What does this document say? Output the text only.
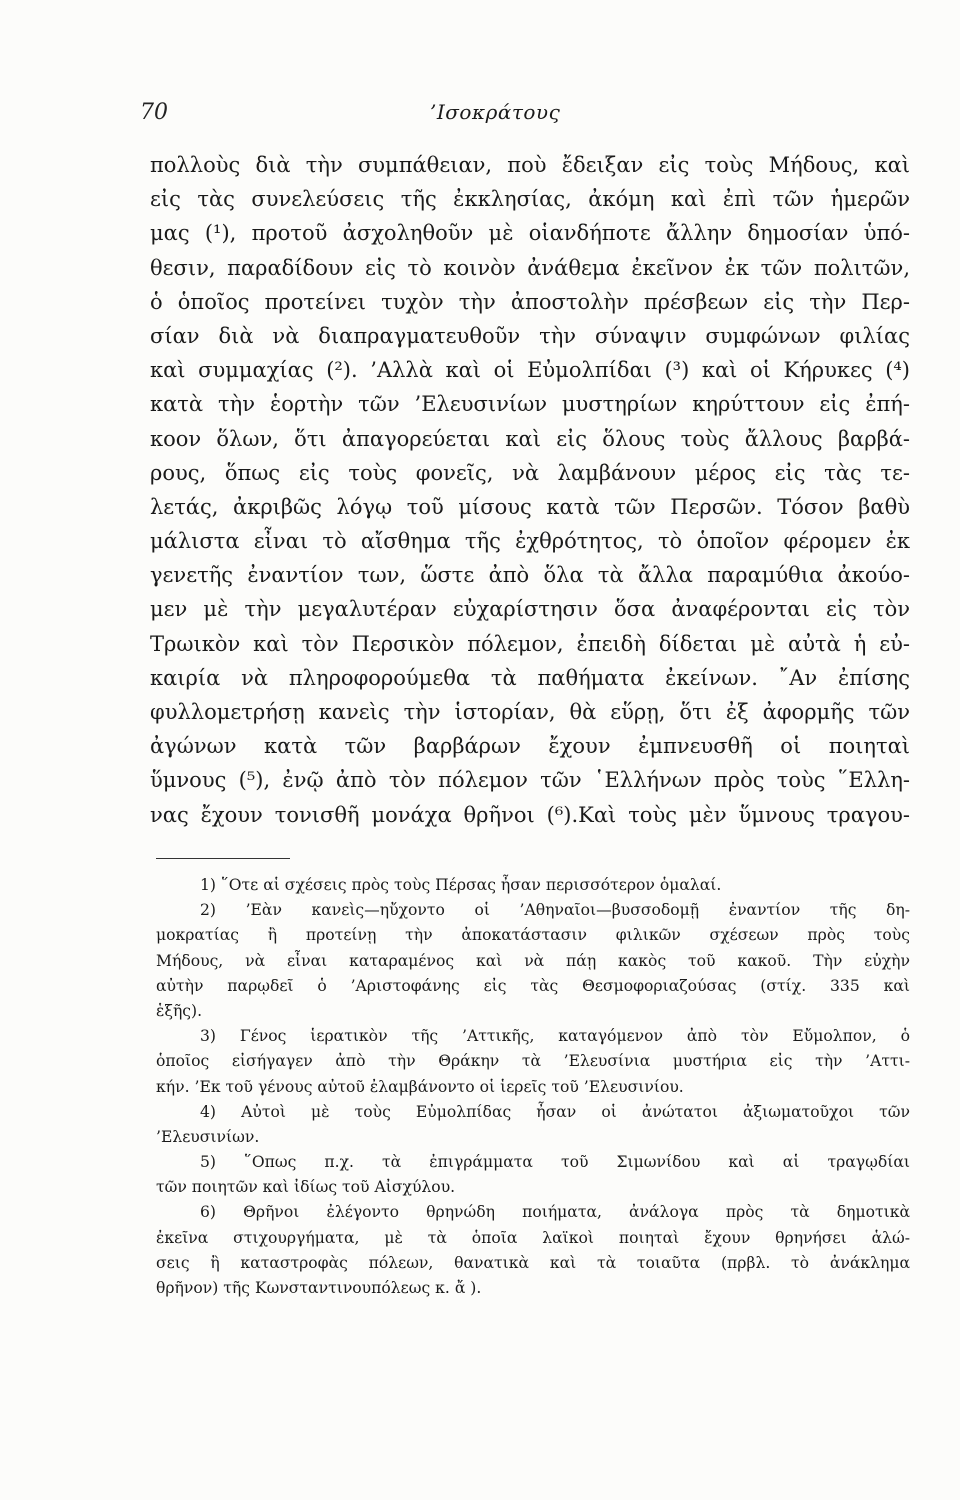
70	’Ισοκράτους
πολλοὺς διὰ τὴν συμπάθειαν, ποὺ ἔδειξαν εἰς τοὺς Μήδους, καὶ
εἰς τὰς συνελεύσεις τῆς ἐκκλησίας, ἀκόμη καὶ ἐπὶ τῶν ἡμερῶν
μας (¹), προτοῦ ἀσχοληθοῦν μὲ οἱανδήποτε ἄλλην δημοσίαν ὑπό-
θεσιν, παραδίδουν εἰς τὸ κοινὸν ἀνάθεμα ἐκεῖνον ἐκ τῶν πολιτῶν,
ὁ ὁποῖος προτείνει τυχὸν τὴν ἀποστολὴν πρέσβεων εἰς τὴν Περ-
σίαν διὰ νὰ διαπραγματευθοῦν τὴν σύναψιν συμφώνων φιλίας
καὶ συμμαχίας (²). ’Αλλὰ καὶ οἱ Εὐμολπίδαι (³) καὶ οἱ Κήρυκες (⁴)
κατὰ τὴν ἑορτὴν τῶν ’Ελευσινίων μυστηρίων κηρύττουν εἰς ἐπή-
κοον ὅλων, ὅτι ἀπαγορεύεται καὶ εἰς ὅλους τοὺς ἄλλους βαρβά-
ρους, ὅπως εἰς τοὺς φονεῖς, νὰ λαμβάνουν μέρος εἰς τὰς τε-
λετάς, ἀκριβῶς λόγῳ τοῦ μίσους κατὰ τῶν Περσῶν. Τόσον βαθὺ
μάλιστα εἶναι τὸ αἴσθημα τῆς ἐχθρότητος, τὸ ὁποῖον φέρομεν ἐκ
γενετῆς ἐναντίον των, ὥστε ἀπὸ ὅλα τὰ ἄλλα παραμύθια ἀκούο-
μεν μὲ τὴν μεγαλυτέραν εὐχαρίστησιν ὅσα ἀναφέρονται εἰς τὸν
Τρωικὸν καὶ τὸν Περσικὸν πόλεμον, ἐπειδὴ δίδεται μὲ αὐτὰ ἡ εὐ-
καιρία νὰ πληροφορούμεθα τὰ παθήματα ἐκείνων. ῎Αν ἐπίσης
φυλλομετρήσῃ κανεὶς τὴν ἱστορίαν, θὰ εὕρῃ, ὅτι ἐξ ἀφορμῆς τῶν
ἀγώνων κατὰ τῶν βαρβάρων ἔχουν ἐμπνευσθῆ οἱ ποιηταὶ
ὕμνους (⁵), ἐνῷ ἀπὸ τὸν πόλεμον τῶν ῾Ελλήνων πρὸς τοὺς ῞Ελλη-
νας ἔχουν τονισθῆ μονάχα θρῆνοι (⁶).Καὶ τοὺς μὲν ὕμνους τραγου-
1) ῞Οτε αἱ σχέσεις πρὸς τοὺς Πέρσας ἦσαν περισσότερον ὁμαλαί.
2) ’Εὰν κανεὶς—ηὔχοντο οἱ ’Αθηναῖοι—βυσσοδομῇ ἐναντίον τῆς δη-
μοκρατίας ἢ προτείνῃ τὴν ἀποκατάστασιν φιλικῶν σχέσεων πρὸς τοὺς
Μήδους, νὰ εἶναι καταραμένος καὶ νὰ πάῃ κακὸς τοῦ κακοῦ. Τὴν εὐχὴν
αὐτὴν παρῳδεῖ ὁ ’Αριστοφάνης εἰς τὰς Θεσμοφοριαζούσας (στίχ. 335 καὶ
ἑξῆς).
3) Γένος ἱερατικὸν τῆς ’Αττικῆς, καταγόμενον ἀπὸ τὸν Εὔμολπον, ὁ
ὁποῖος εἰσήγαγεν ἀπὸ τὴν Θράκην τὰ ’Ελευσίνια μυστήρια εἰς τὴν ’Αττι-
κήν. ’Εκ τοῦ γένους αὐτοῦ ἐλαμβάνοντο οἱ ἱερεῖς τοῦ ’Ελευσινίου.
4) Αὐτοὶ μὲ τοὺς Εὐμολπίδας ἦσαν οἱ ἀνώτατοι ἀξιωματοῦχοι τῶν
’Ελευσινίων.
5) ῞Οπως π.χ. τὰ ἐπιγράμματα τοῦ Σιμωνίδου καὶ αἱ τραγῳδίαι
τῶν ποιητῶν καὶ ἰδίως τοῦ Αἰσχύλου.
6) Θρῆνοι ἐλέγοντο θρηνώδη ποιήματα, ἀνάλογα πρὸς τὰ δημοτικὰ
ἐκεῖνα στιχουργήματα, μὲ τὰ ὁποῖα λαϊκοὶ ποιηταὶ ἔχουν θρηνήσει ἁλώ-
σεις ἢ καταστροφὰς πόλεων, θανατικὰ καὶ τὰ τοιαῦτα (πρβλ. τὸ ἀνάκλημα
θρῆνον) τῆς Κωνσταντινουπόλεως κ. ἄ ).
